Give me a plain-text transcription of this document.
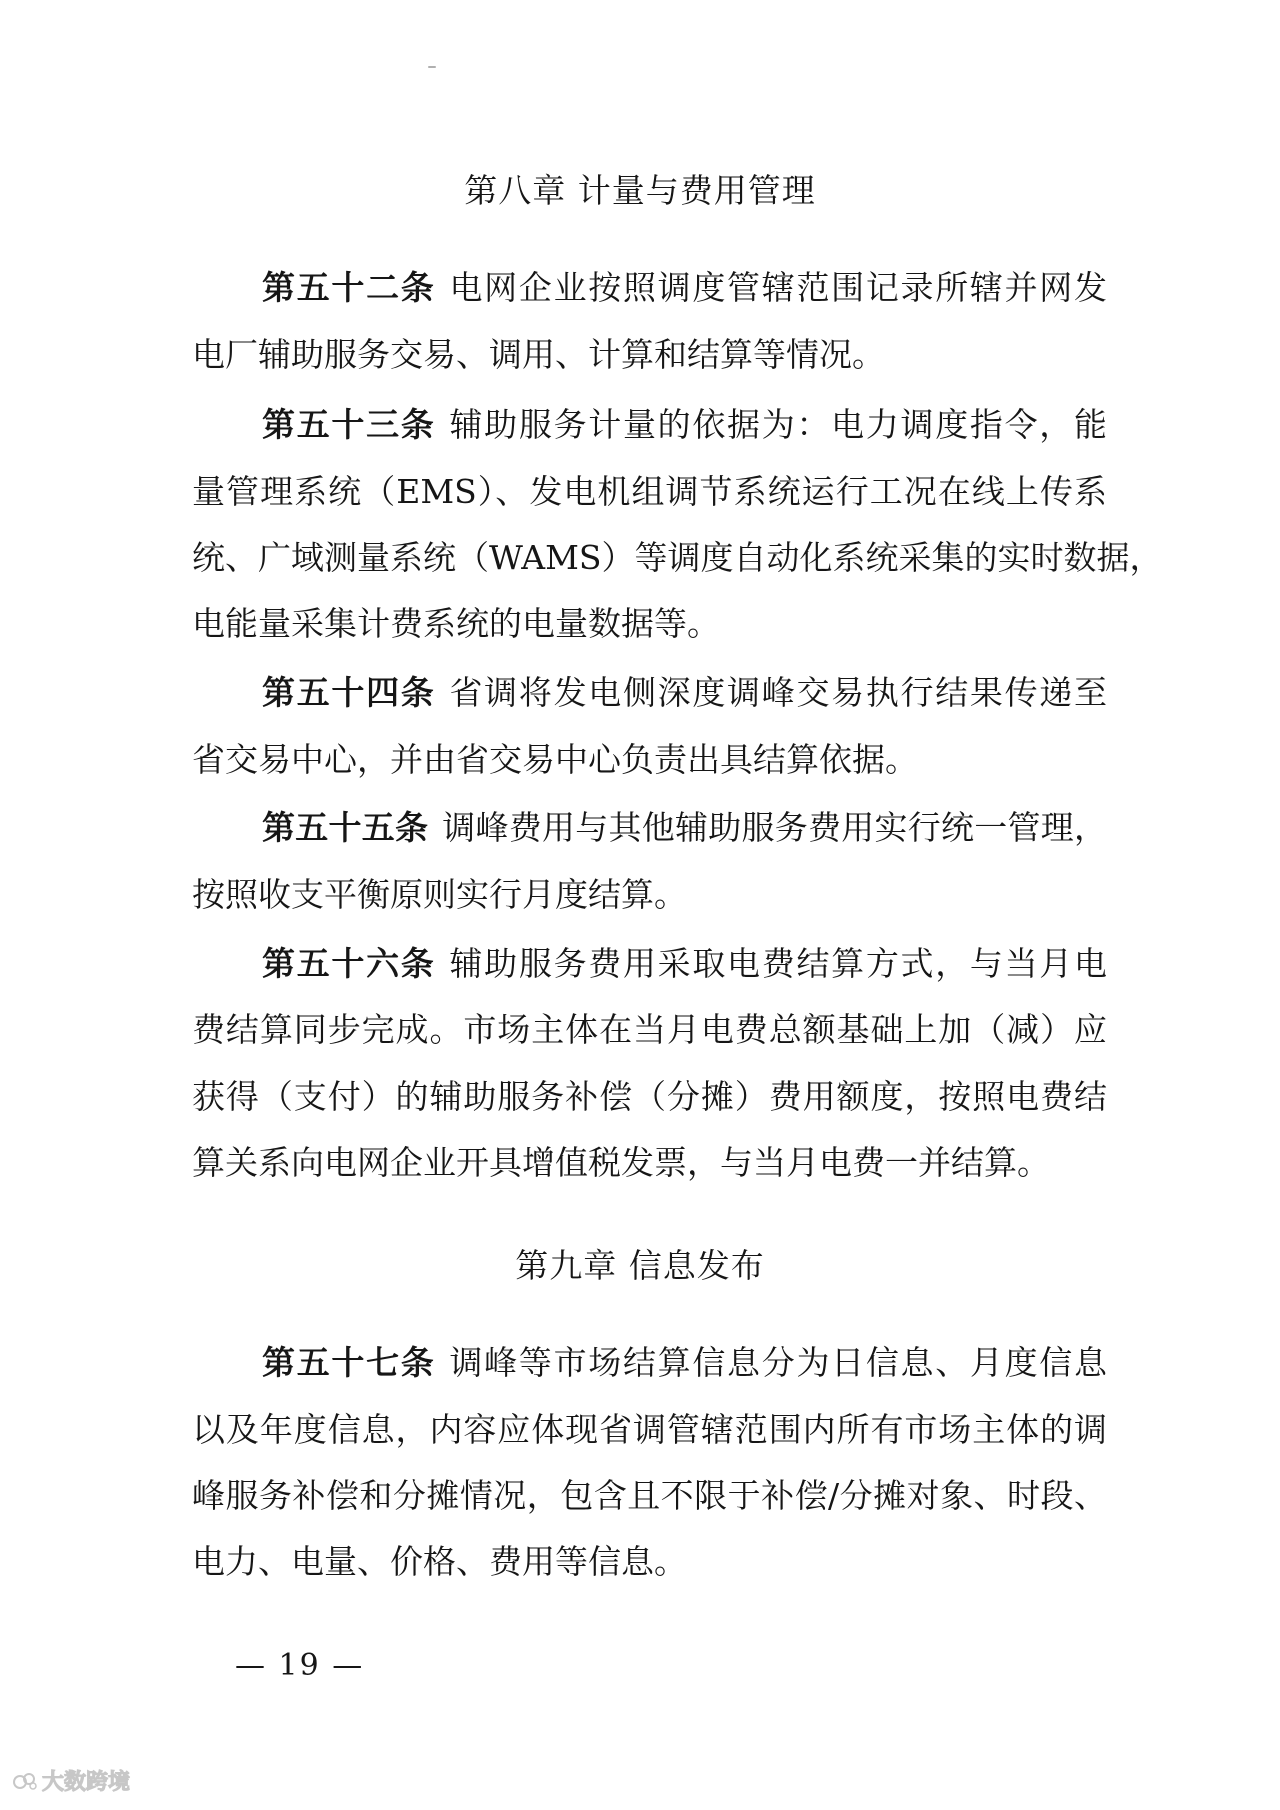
第八章 计量与费用管理

第五十二条 电网企业按照调度管辖范围记录所辖并网发

电厂辅助服务交易、调用、计算和结算等情况。

第五十三条 辅助服务计量的依据为：电力调度指令，能

量管理系统（EMS）、发电机组调节系统运行工况在线上传系

统、广域测量系统（WAMS）等调度自动化系统采集的实时数据，

电能量采集计费系统的电量数据等。

第五十四条 省调将发电侧深度调峰交易执行结果传递至

省交易中心，并由省交易中心负责出具结算依据。

第五十五条 调峰费用与其他辅助服务费用实行统一管理，

按照收支平衡原则实行月度结算。

第五十六条 辅助服务费用采取电费结算方式，与当月电

费结算同步完成。市场主体在当月电费总额基础上加（减）应

获得（支付）的辅助服务补偿（分摊）费用额度，按照电费结

算关系向电网企业开具增值税发票，与当月电费一并结算。

第九章 信息发布

第五十七条 调峰等市场结算信息分为日信息、月度信息

以及年度信息，内容应体现省调管辖范围内所有市场主体的调

峰服务补偿和分摊情况，包含且不限于补偿/分摊对象、时段、

电力、电量、价格、费用等信息。

— 19 —
大数跨境
